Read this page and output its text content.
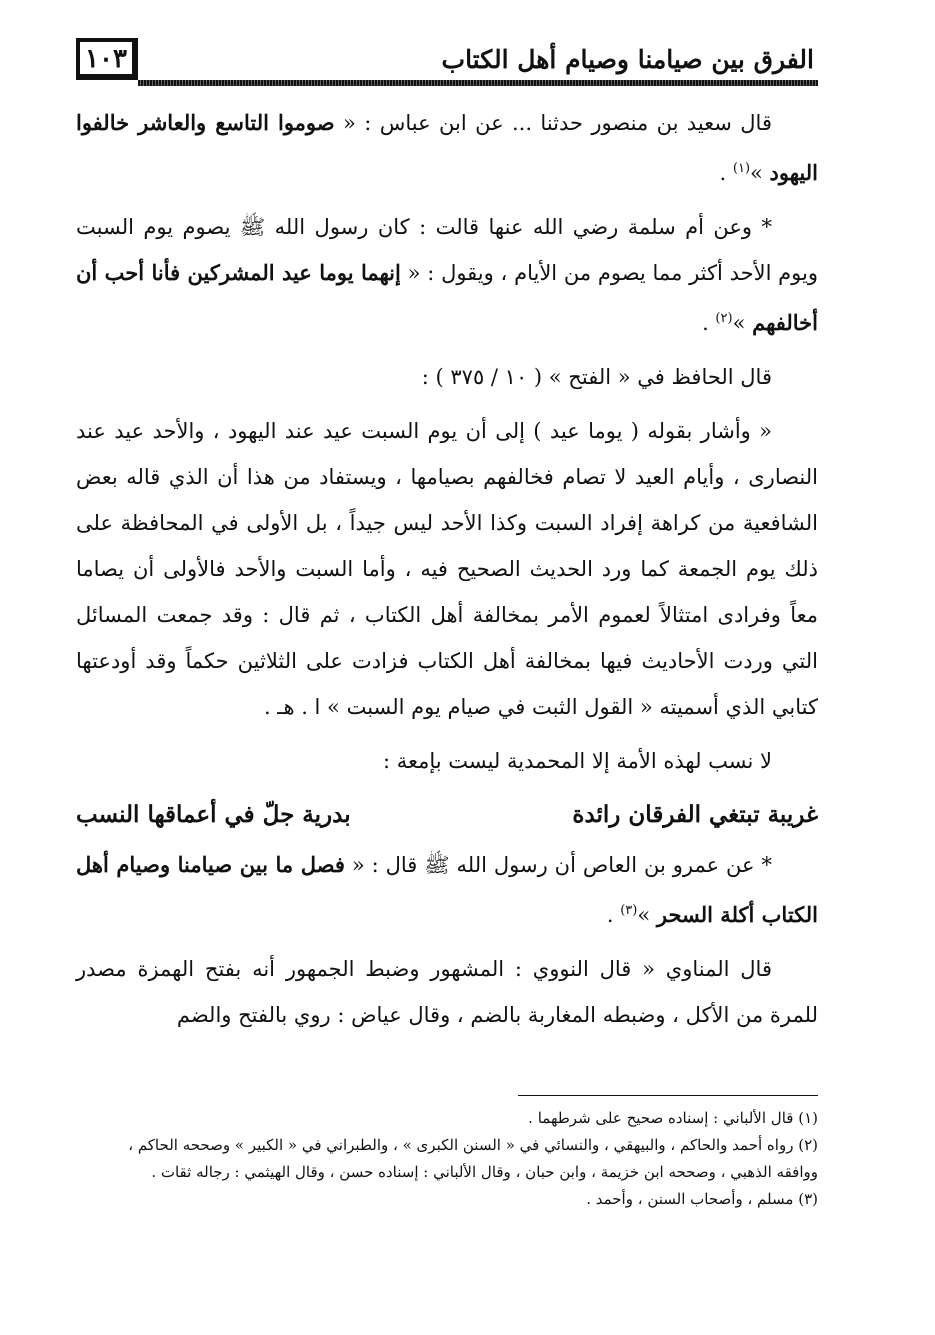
١٠٣	الفرق بين صيامنا وصيام أهل الكتاب

قال سعيد بن منصور حدثنا ... عن ابن عباس : « صوموا التاسع والعاشر خالفوا اليهود »$^{(١)}$ .

* وعن أم سلمة رضي الله عنها قالت : كان رسول الله ﷺ يصوم يوم السبت ويوم الأحد أكثر مما يصوم من الأيام ، ويقول : « إنهما يوما عيد المشركين فأنا أحب أن أخالفهم »$^{(٢)}$ .

قال الحافظ في « الفتح » ( ١٠ / ٣٧٥ ) :

« وأشار بقوله ( يوما عيد ) إلى أن يوم السبت عيد عند اليهود ، والأحد عيد عند النصارى ، وأيام العيد لا تصام فخالفهم بصيامها ، ويستفاد من هذا أن الذي قاله بعض الشافعية من كراهة إفراد السبت وكذا الأحد ليس جيداً ، بل الأولى في المحافظة على ذلك يوم الجمعة كما ورد الحديث الصحيح فيه ، وأما السبت والأحد فالأولى أن يصاما معاً وفرادى امتثالاً لعموم الأمر بمخالفة أهل الكتاب ، ثم قال : وقد جمعت المسائل التي وردت الأحاديث فيها بمخالفة أهل الكتاب فزادت على الثلاثين حكماً وقد أودعتها كتابي الذي أسميته « القول الثبت في صيام يوم السبت » ا . هـ .

لا نسب لهذه الأمة إلا المحمدية ليست بإمعة :

غريبة تبتغي الفرقان رائدة
بدرية جلّ في أعماقها النسب

* عن عمرو بن العاص أن رسول الله ﷺ قال : « فصل ما بين صيامنا وصيام أهل الكتاب أكلة السحر »$^{(٣)}$ .

قال المناوي « قال النووي : المشهور وضبط الجمهور أنه بفتح الهمزة مصدر للمرة من الأكل ، وضبطه المغاربة بالضم ، وقال عياض : روي بالفتح والضم

(١) قال الألباني : إسناده صحيح على شرطهما .
(٢) رواه أحمد والحاكم ، والبيهقي ، والنسائي في « السنن الكبرى » ، والطبراني في « الكبير » وصححه الحاكم ،
ووافقه الذهبي ، وصححه ابن خزيمة ، وابن حبان ، وقال الألباني : إسناده حسن ، وقال الهيثمي : رجاله ثقات .
(٣) مسلم ، وأصحاب السنن ، وأحمد .
